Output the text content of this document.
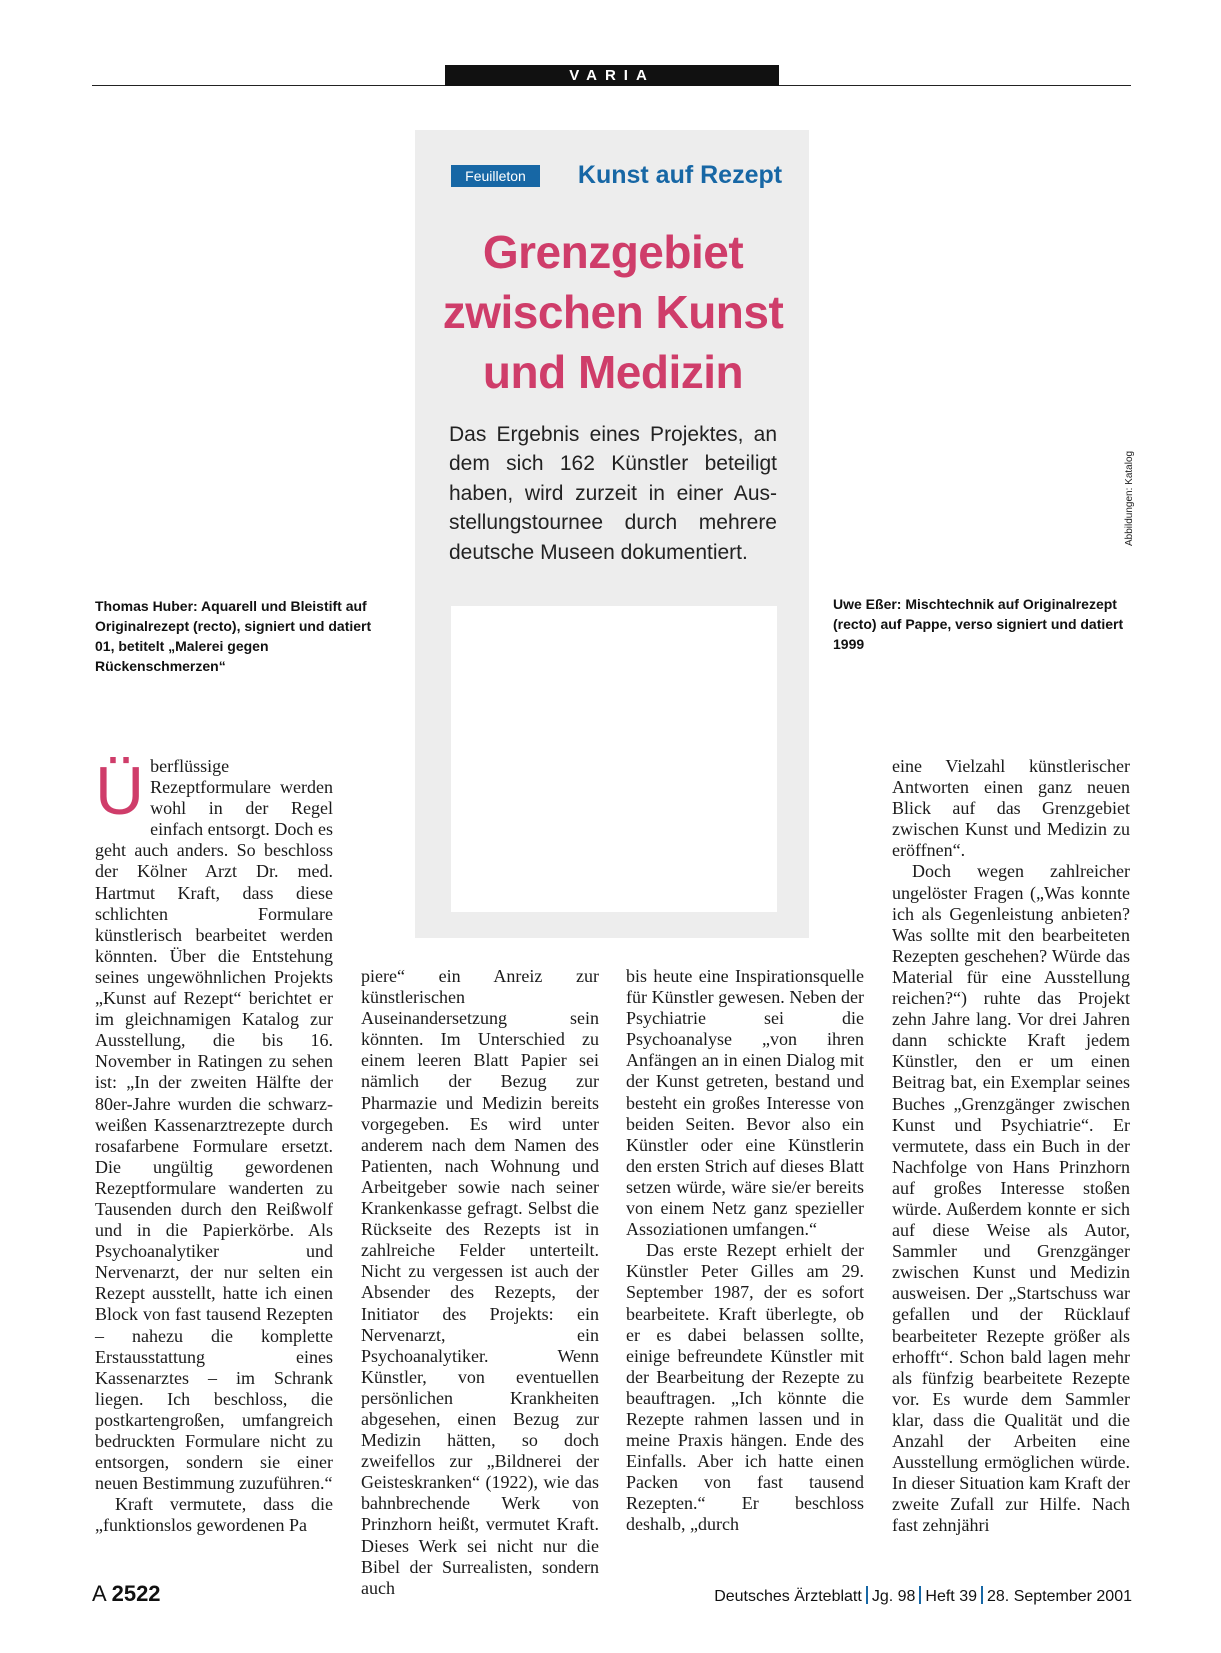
VARIA
Feuilleton	Kunst auf Rezept
Grenzgebiet zwischen Kunst und Medizin
Das Ergebnis eines Projektes, an dem sich 162 Künstler beteiligt haben, wird zurzeit in einer Ausstellungstournee durch mehrere deutsche Museen dokumentiert.
Thomas Huber: Aquarell und Bleistift auf Originalrezept (recto), signiert und datiert 01, betitelt „Malerei gegen Rückenschmerzen“
Uwe Eßer: Mischtechnik auf Originalrezept (recto) auf Pappe, verso signiert und datiert 1999
Abbildungen: Katalog

Überflüssige Rezeptformulare werden wohl in der Regel einfach entsorgt. Doch es geht auch anders. So beschloss der Kölner Arzt Dr. med. Hartmut Kraft, dass diese schlichten Formulare künstlerisch bearbeitet werden könnten. Über die Entstehung seines ungewöhnlichen Projekts „Kunst auf Rezept“ berichtet er im gleichnamigen Katalog zur Ausstellung, die bis 16. November in Ratingen zu sehen ist: „In der zweiten Hälfte der 80er-Jahre wurden die schwarz-weißen Kassenarztrezepte durch rosafarbene Formulare ersetzt. Die ungültig gewordenen Rezeptformulare wanderten zu Tausenden durch den Reißwolf und in die Papierkörbe. Als Psychoanalytiker und Nervenarzt, der nur selten ein Rezept ausstellt, hatte ich einen Block von fast tausend Rezepten – nahezu die komplette Erstausstattung eines Kassenarztes – im Schrank liegen. Ich beschloss, die postkartengroßen, umfangreich bedruckten Formulare nicht zu entsorgen, sondern sie einer neuen Bestimmung zuzuführen.“

Kraft vermutete, dass die „funktionslos gewordenen Pa

piere“ ein Anreiz zur künstlerischen Auseinandersetzung sein könnten. Im Unterschied zu einem leeren Blatt Papier sei nämlich der Bezug zur Pharmazie und Medizin bereits vorgegeben. Es wird unter anderem nach dem Namen des Patienten, nach Wohnung und Arbeitgeber sowie nach seiner Krankenkasse gefragt. Selbst die Rückseite des Rezepts ist in zahlreiche Felder unterteilt. Nicht zu vergessen ist auch der Absender des Rezepts, der Initiator des Projekts: ein Nervenarzt, ein Psychoanalytiker. Wenn Künstler, von eventuellen persönlichen Krankheiten abgesehen, einen Bezug zur Medizin hätten, so doch zweifellos zur „Bildnerei der Geisteskranken“ (1922), wie das bahnbrechende Werk von Prinzhorn heißt, vermutet Kraft. Dieses Werk sei nicht nur die Bibel der Surrealisten, sondern auch

bis heute eine Inspirationsquelle für Künstler gewesen. Neben der Psychiatrie sei die Psychoanalyse „von ihren Anfängen an in einen Dialog mit der Kunst getreten, bestand und besteht ein großes Interesse von beiden Seiten. Bevor also ein Künstler oder eine Künstlerin den ersten Strich auf dieses Blatt setzen würde, wäre sie/er bereits von einem Netz ganz spezieller Assoziationen umfangen.“

Das erste Rezept erhielt der Künstler Peter Gilles am 29. September 1987, der es sofort bearbeitete. Kraft überlegte, ob er es dabei belassen sollte, einige befreundete Künstler mit der Bearbeitung der Rezepte zu beauftragen. „Ich könnte die Rezepte rahmen lassen und in meine Praxis hängen. Ende des Einfalls. Aber ich hatte einen Packen von fast tausend Rezepten.“ Er beschloss deshalb, „durch

eine Vielzahl künstlerischer Antworten einen ganz neuen Blick auf das Grenzgebiet zwischen Kunst und Medizin zu eröffnen“.

Doch wegen zahlreicher ungelöster Fragen („Was konnte ich als Gegenleistung anbieten? Was sollte mit den bearbeiteten Rezepten geschehen? Würde das Material für eine Ausstellung reichen?“) ruhte das Projekt zehn Jahre lang. Vor drei Jahren dann schickte Kraft jedem Künstler, den er um einen Beitrag bat, ein Exemplar seines Buches „Grenzgänger zwischen Kunst und Psychiatrie“. Er vermutete, dass ein Buch in der Nachfolge von Hans Prinzhorn auf großes Interesse stoßen würde. Außerdem konnte er sich auf diese Weise als Autor, Sammler und Grenzgänger zwischen Kunst und Medizin ausweisen. Der „Startschuss war gefallen und der Rücklauf bearbeiteter Rezepte größer als erhofft“. Schon bald lagen mehr als fünfzig bearbeitete Rezepte vor. Es wurde dem Sammler klar, dass die Qualität und die Anzahl der Arbeiten eine Ausstellung ermöglichen würde. In dieser Situation kam Kraft der zweite Zufall zur Hilfe. Nach fast zehnjähri

A 2522	Deutsches Ärzteblatt Jg. 98 Heft 39 28. September 2001
